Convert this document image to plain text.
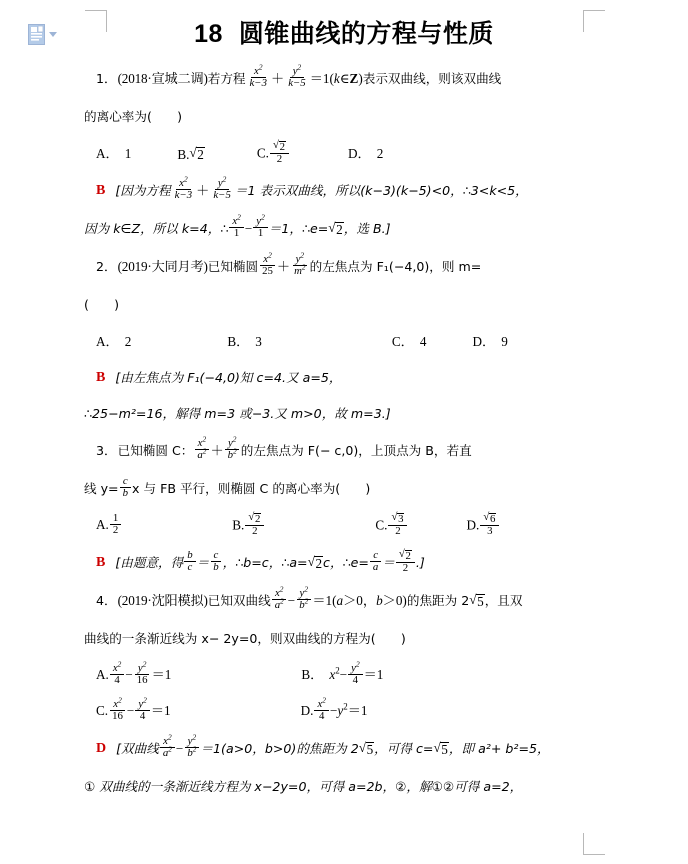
18 圆锥曲线的方程与性质
1． (2018·宣城二调) 若方程 $\frac{x^2}{k-3} + \frac{y^2}{k-5}$ ＝1(k∈Z) 表示双曲线， 则该双曲线
的离心率为(　　)
A． 1	B. √ 2	C. √ $\frac{2}{2}$	D． 2
B [因为方程 $\frac{x^2}{k-3} + \frac{y^2}{k-5} =1$ 表示双曲线，所以(k−3)(k−5)<0，∴3<k<5，
因为 k∈Z，所以 k=4，∴ $\frac{x^2}{1} - \frac{y^2}{1} =1$，∴e= √ 2 ，选 B.]
2． (2019·大同月考) 已知椭圆 $\frac{x^2}{25} + \frac{y^2}{m^2}$ 的左焦点为 F₁(−4,0)，则 m=
(　　)
A． 2	B． 3	C． 4	D． 9
B [由左焦点为 F₁(−4,0)知 c=4.又 a=5，
∴25−m²=16，解得 m=3 或−3.又 m>0，故 m=3.]
3． 已知椭圆 C： $\frac{x^2}{a^2} + \frac{y^2}{b^2}$ 的左焦点为 F(− c,0)，上顶点为 B，若直
线 $y= \frac{c}{b}$ x 与 FB 平行，则椭圆 C 的离心率为(　　)
A. $\frac{1}{2}$	B. √ $\frac{2}{2}$	C. √ $\frac{3}{2}$	D. √ $\frac{6}{3}$
B [由题意，得 $\frac{b}{c} = \frac{c}{b}$ ，∴b=c，∴a= √ 2 c，∴e= $\frac{c}{a}$ ＝ √ $\frac{2}{2}$ .]
4． (2019·沈阳模拟) 已知双曲线 $\frac{x^2}{a^2} - \frac{y^2}{b^2} =1(a>0$，b＞0) 的焦距为 2 √ 5 ，且双
曲线的一条渐近线为 x− 2y=0，则双曲线的方程为(　　)
A. $\frac{x^2}{4} - \frac{y^2}{16} =1$	B． $x^2- \frac{y^2}{4} =1$
C. $\frac{x^2}{16} - \frac{y^2}{4} =1$	D. $\frac{x^2}{4} -y^2=1$
D [双曲线 $\frac{x^2}{a^2} - \frac{y^2}{b^2} =1(a>0$，b>0)的焦距为 2 √ 5 ，可得 c= √ 5 ，即 a²+ b²=5，
① 双曲线的一条渐近线方程为 x−2y=0，可得 a=2b，②，解①②可得 a=2，
